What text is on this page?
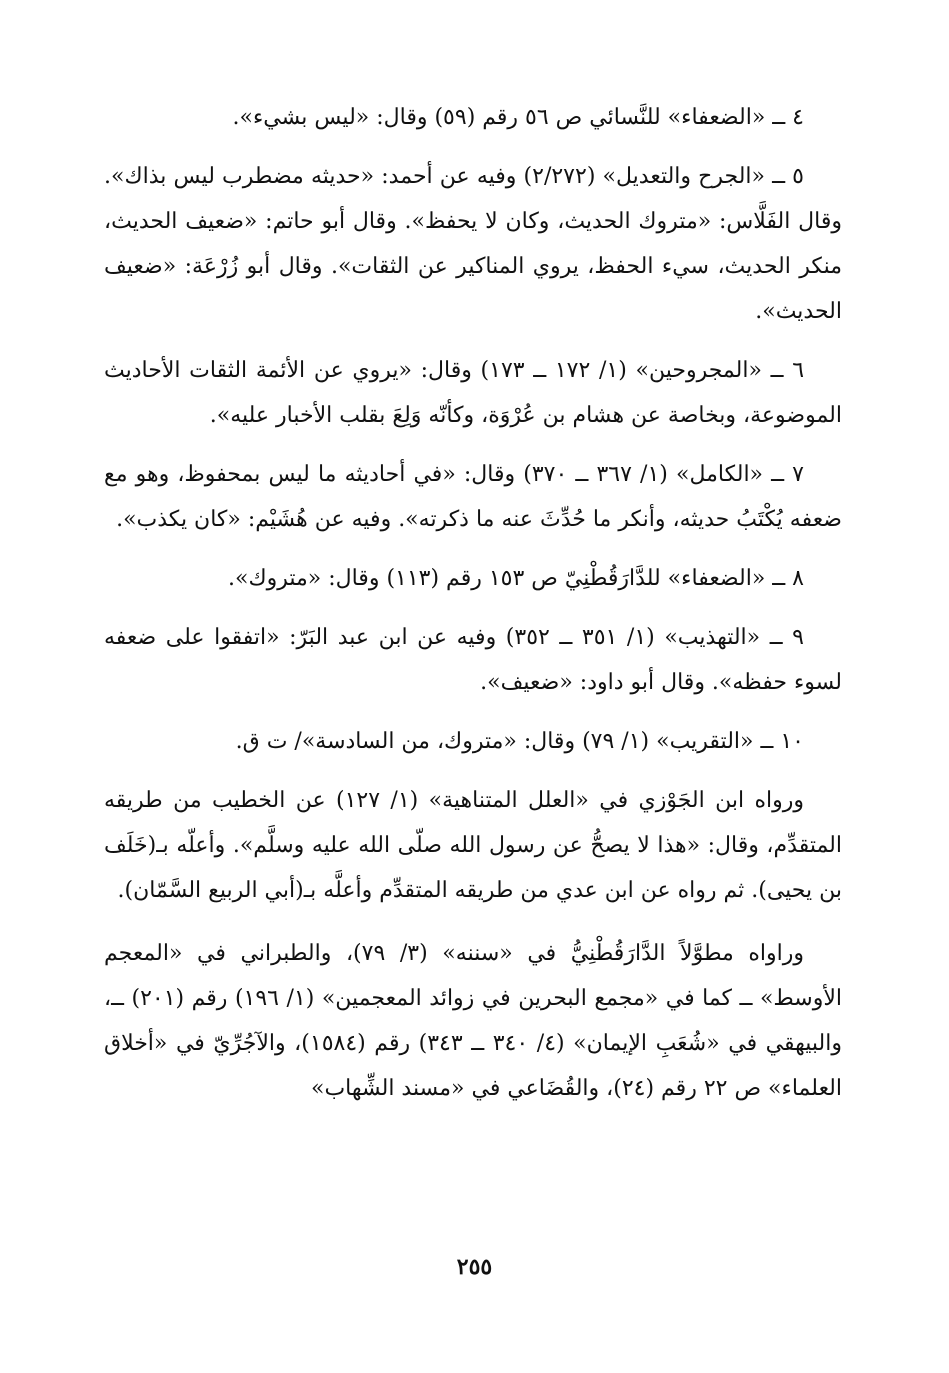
٤ ــ «الضعفاء» للنَّسائي ص ٥٦ رقم (٥٩) وقال: «ليس بشيء».

٥ ــ «الجرح والتعديل» (٢/٢٧٢) وفيه عن أحمد: «حديثه مضطرب ليس بذاك». وقال الفَلَّاس: «متروك الحديث، وكان لا يحفظ». وقال أبو حاتم: «ضعيف الحديث، منكر الحديث، سيء الحفظ، يروي المناكير عن الثقات». وقال أبو زُرْعَة: «ضعيف الحديث».

٦ ــ «المجروحين» (١/ ١٧٢ ــ ١٧٣) وقال: «يروي عن الأئمة الثقات الأحاديث الموضوعة، وبخاصة عن هشام بن عُرْوَة، وكأنّه وَلِعَ بقلب الأخبار عليه».

٧ ــ «الكامل» (١/ ٣٦٧ ــ ٣٧٠) وقال: «في أحاديثه ما ليس بمحفوظ، وهو مع ضعفه يُكْتَبُ حديثه، وأنكر ما حُدِّثَ عنه ما ذكرته». وفيه عن هُشَيْم: «كان يكذب».

٨ ــ «الضعفاء» للدَّارَقُطْنِيّ ص ١٥٣ رقم (١١٣) وقال: «متروك».

٩ ــ «التهذيب» (١/ ٣٥١ ــ ٣٥٢) وفيه عن ابن عبد البَرّ: «اتفقوا على ضعفه لسوء حفظه». وقال أبو داود: «ضعيف».

١٠ ــ «التقريب» (١/ ٧٩) وقال: «متروك، من السادسة»/ ت ق.

ورواه ابن الجَوْزي في «العلل المتناهية» (١/ ١٢٧) عن الخطيب من طريقه المتقدِّم، وقال: «هذا لا يصحُّ عن رسول الله صلّى الله عليه وسلَّم». وأعلّه بـ(خَلَف بن يحيى). ثم رواه عن ابن عدي من طريقه المتقدِّم وأعلَّه بـ(أبي الربيع السَّمّان).

وراواه مطوَّلاً الدَّارَقُطْنِيُّ في «سننه» (٣/ ٧٩)، والطبراني في «المعجم الأوسط» ــ كما في «مجمع البحرين في زوائد المعجمين» (١/ ١٩٦) رقم (٢٠١) ــ، والبيهقي في «شُعَبِ الإيمان» (٤/ ٣٤٠ ــ ٣٤٣) رقم (١٥٨٤)، والآجُرِّيّ في «أخلاق العلماء» ص ٢٢ رقم (٢٤)، والقُضَاعي في «مسند الشِّهاب»

٢٥٥
